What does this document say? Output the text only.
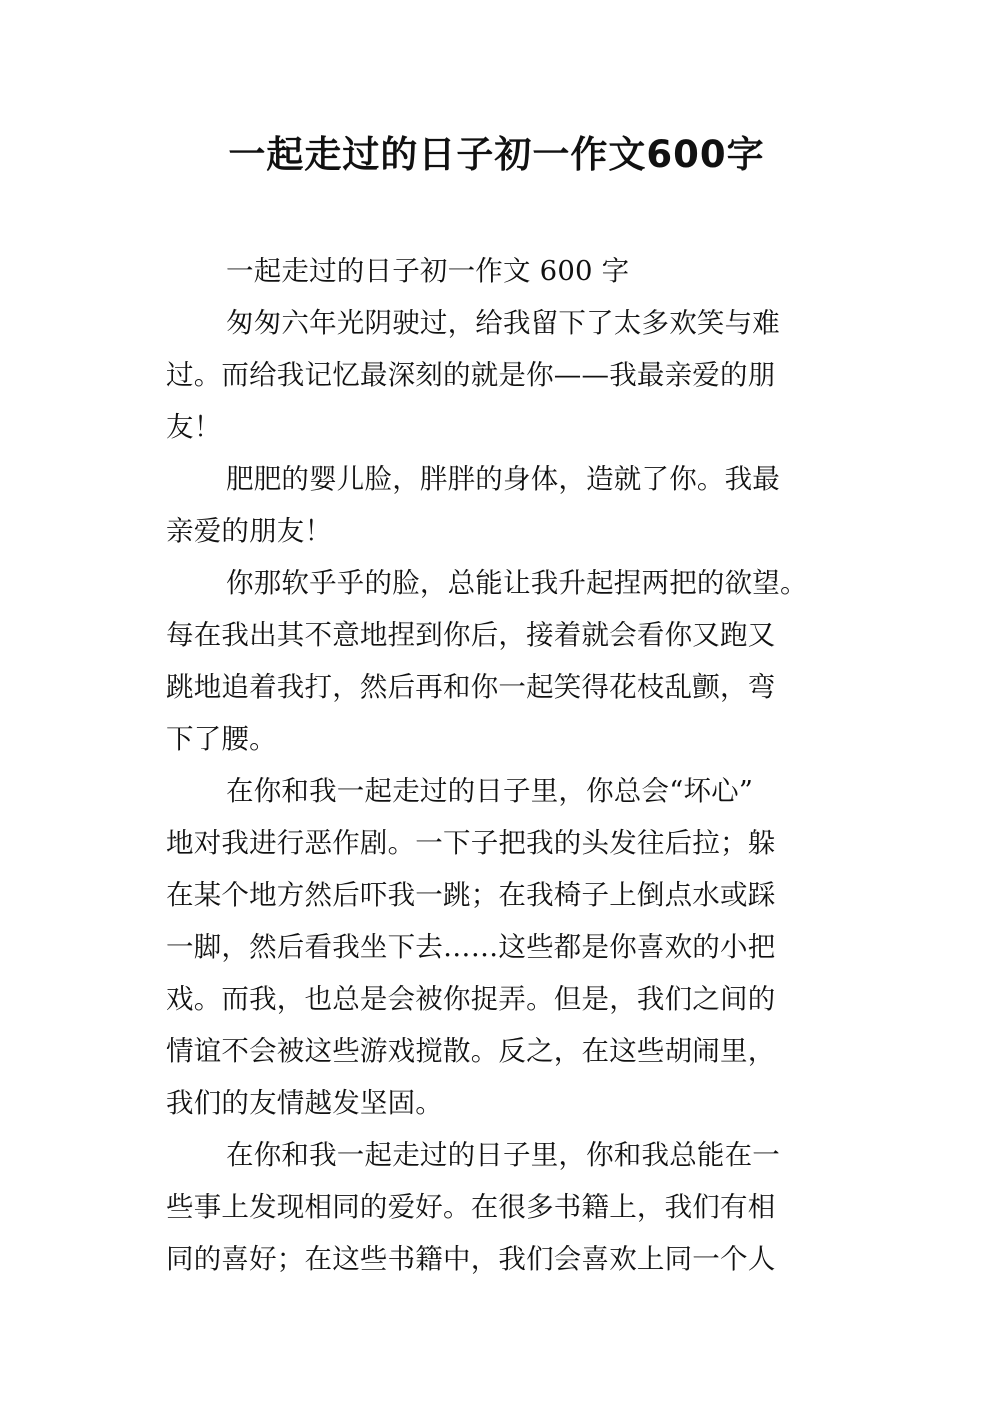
一起走过的日子初一作文600字
一起走过的日子初一作文 600 字
匆匆六年光阴驶过，给我留下了太多欢笑与难
过。而给我记忆最深刻的就是你——我最亲爱的朋
友！
肥肥的婴儿脸，胖胖的身体，造就了你。我最
亲爱的朋友！
你那软乎乎的脸，总能让我升起捏两把的欲望。
每在我出其不意地捏到你后，接着就会看你又跑又
跳地追着我打，然后再和你一起笑得花枝乱颤，弯
下了腰。
在你和我一起走过的日子里，你总会“坏心”
地对我进行恶作剧。一下子把我的头发往后拉；躲
在某个地方然后吓我一跳；在我椅子上倒点水或踩
一脚，然后看我坐下去……这些都是你喜欢的小把
戏。而我，也总是会被你捉弄。但是，我们之间的
情谊不会被这些游戏搅散。反之，在这些胡闹里，
我们的友情越发坚固。
在你和我一起走过的日子里，你和我总能在一
些事上发现相同的爱好。在很多书籍上，我们有相
同的喜好；在这些书籍中，我们会喜欢上同一个人
